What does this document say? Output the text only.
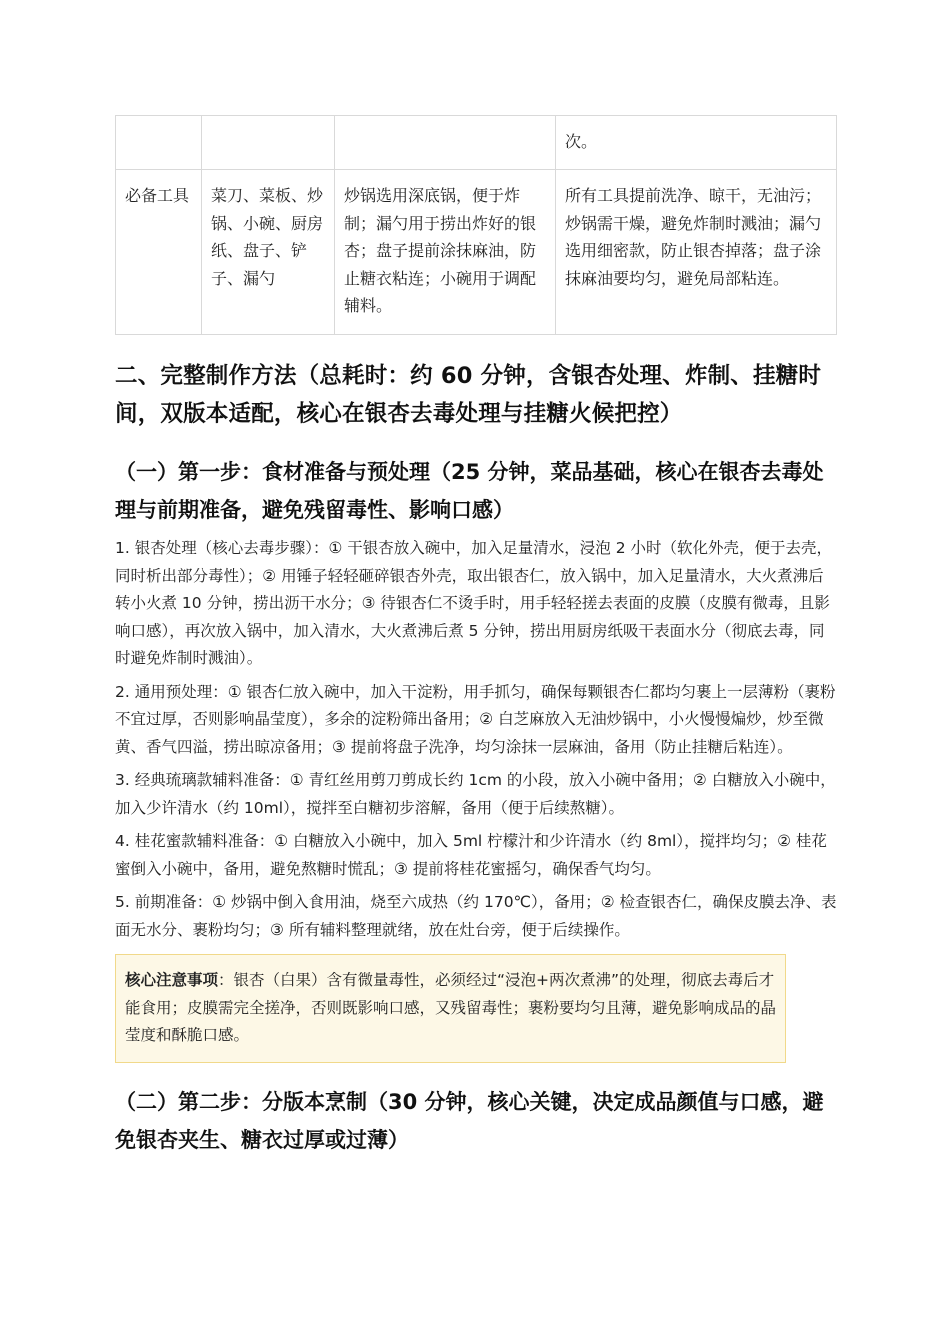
			次。
必备工具	菜刀、菜板、炒锅、小碗、厨房纸、盘子、铲子、漏勺	炒锅选用深底锅，便于炸制；漏勺用于捞出炸好的银杏；盘子提前涂抹麻油，防止糖衣粘连；小碗用于调配辅料。	所有工具提前洗净、晾干，无油污；炒锅需干燥，避免炸制时溅油；漏勺选用细密款，防止银杏掉落；盘子涂抹麻油要均匀，避免局部粘连。
二、完整制作方法（总耗时：约 60 分钟，含银杏处理、炸制、挂糖时间，双版本适配，核心在银杏去毒处理与挂糖火候把控）
（一）第一步：食材准备与预处理（25 分钟，菜品基础，核心在银杏去毒处理与前期准备，避免残留毒性、影响口感）

1. 银杏处理（核心去毒步骤）：① 干银杏放入碗中，加入足量清水，浸泡 2 小时（软化外壳，便于去壳，同时析出部分毒性）；② 用锤子轻轻砸碎银杏外壳，取出银杏仁，放入锅中，加入足量清水，大火煮沸后转小火煮 10 分钟，捞出沥干水分；③ 待银杏仁不烫手时，用手轻轻搓去表面的皮膜（皮膜有微毒，且影响口感），再次放入锅中，加入清水，大火煮沸后煮 5 分钟，捞出用厨房纸吸干表面水分（彻底去毒，同时避免炸制时溅油）。

2. 通用预处理：① 银杏仁放入碗中，加入干淀粉，用手抓匀，确保每颗银杏仁都均匀裹上一层薄粉（裹粉不宜过厚，否则影响晶莹度），多余的淀粉筛出备用；② 白芝麻放入无油炒锅中，小火慢慢煸炒，炒至微黄、香气四溢，捞出晾凉备用；③ 提前将盘子洗净，均匀涂抹一层麻油，备用（防止挂糖后粘连）。

3. 经典琉璃款辅料准备：① 青红丝用剪刀剪成长约 1cm 的小段，放入小碗中备用；② 白糖放入小碗中，加入少许清水（约 10ml），搅拌至白糖初步溶解，备用（便于后续熬糖）。

4. 桂花蜜款辅料准备：① 白糖放入小碗中，加入 5ml 柠檬汁和少许清水（约 8ml），搅拌均匀；② 桂花蜜倒入小碗中，备用，避免熬糖时慌乱；③ 提前将桂花蜜摇匀，确保香气均匀。

5. 前期准备：① 炒锅中倒入食用油，烧至六成热（约 170℃），备用；② 检查银杏仁，确保皮膜去净、表面无水分、裹粉均匀；③ 所有辅料整理就绪，放在灶台旁，便于后续操作。

核心注意事项：银杏（白果）含有微量毒性，必须经过“浸泡+两次煮沸”的处理，彻底去毒后才能食用；皮膜需完全搓净，否则既影响口感，又残留毒性；裹粉要均匀且薄，避免影响成品的晶莹度和酥脆口感。
（二）第二步：分版本烹制（30 分钟，核心关键，决定成品颜值与口感，避免银杏夹生、糖衣过厚或过薄）
